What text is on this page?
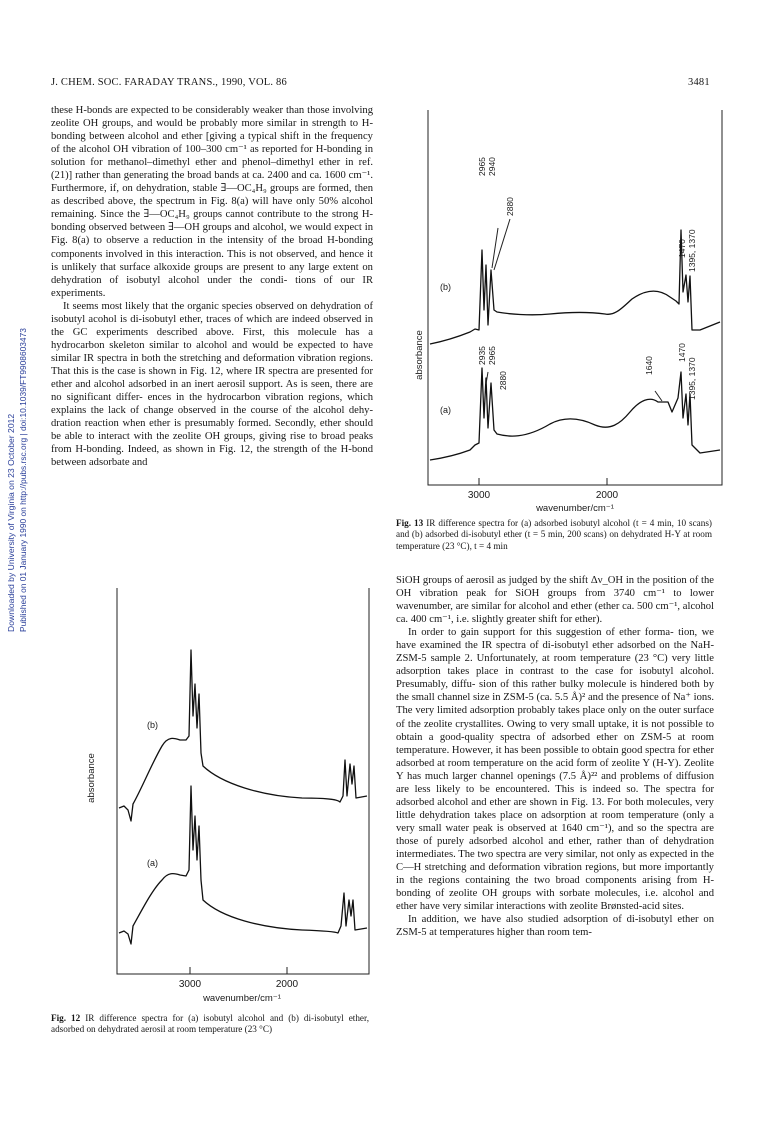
J. CHEM. SOC. FARADAY TRANS., 1990, VOL. 86	3481
Downloaded by University of Virginia on 23 October 2012 Published on 01 January 1990 on http://pubs.rsc.org | doi:10.1039/FT9908603473

these H-bonds are expected to be considerably weaker than those involving zeolite OH groups, and would be probably more similar in strength to H-bonding between alcohol and ether [giving a typical shift in the frequency of the alcohol OH vibration of 100–300 cm⁻¹ as reported for H-bonding in solution for methanol–dimethyl ether and phenol–dimethyl ether in ref. (21)] rather than generating the broad bands at ca. 2400 and ca. 1600 cm⁻¹. Furthermore, if, on dehydration, stable ∃—OC₄H₉ groups are formed, then as described above, the spectrum in Fig. 8(a) will have only 50% alcohol remaining. Since the ∃—OC₄H₉ groups cannot contribute to the strong H-bonding observed between ∃—OH groups and alcohol, we would expect in Fig. 8(a) to observe a reduction in the intensity of the broad H-bonding components involved in this interaction. This is not observed, and hence it is unlikely that surface alkoxide groups are present to any large extent on dehydration of isobutyl alcohol under the condi- tions of our IR experiments.

It seems most likely that the organic species observed on dehydration of isobutyl acohol is di-isobutyl ether, traces of which are indeed observed in the GC experiments described above. First, this molecule has a hydrocarbon skeleton similar to alcohol and would be expected to have similar IR spectra in both the stretching and deformation vibration regions. That this is the case is shown in Fig. 12, where IR spectra are presented for ether and alcohol adsorbed in an inert aerosil support. As is seen, there are no significant differ- ences in the hydrocarbon vibration regions, which explains the lack of change observed in the course of the alcohol dehy- dration reaction when ether is presumably formed. Secondly, ether should be able to interact with the zeolite OH groups, giving rise to broad peaks from H-bonding. Indeed, as shown in Fig. 12, the strength of the H-bond between adsorbate and

3000	2000
wavenumber/cm⁻¹
absorbance
(b)
2965 2940
2880
1470 1395, 1370
(a)
2965
2935
2880
1640
1470
1395, 1370
Fig. 13 IR difference spectra for (a) adsorbed isobutyl alcohol (t = 4 min, 10 scans) and (b) adsorbed di-isobutyl ether (t = 5 min, 200 scans) on dehydrated H-Y at room temperature (23 °C), t = 4 min

SiOH groups of aerosil as judged by the shift Δν_OH in the position of the OH vibration peak for SiOH groups from 3740 cm⁻¹ to lower wavenumber, are similar for alcohol and ether (ether ca. 500 cm⁻¹, alcohol ca. 400 cm⁻¹, i.e. slightly greater shift for ether).

In order to gain support for this suggestion of ether forma- tion, we have examined the IR spectra of di-isobutyl ether adsorbed on the NaH-ZSM-5 sample 2. Unfortunately, at room temperature (23 °C) very little adsorption takes place in contrast to the case for isobutyl alcohol. Presumably, diffu- sion of this rather bulky molecule is hindered both by the small channel size in ZSM-5 (ca. 5.5 Å)² and the presence of Na⁺ ions. The very limited adsorption probably takes place only on the outer surface of the zeolite crystallites. Owing to very small uptake, it is not possible to obtain a good-quality spectra of adsorbed ether on ZSM-5 at room temperature. However, it has been possible to obtain good spectra for ether adsorbed at room temperature on the acid form of zeolite Y (H-Y). Zeolite Y has much larger channel openings (7.5 Å)²² and problems of diffusion are less likely to be encountered. This is indeed so. The spectra for adsorbed alcohol and ether are shown in Fig. 13. For both molecules, very little dehydration takes place on adsorption at room temperature (only a very small water peak is observed at 1640 cm⁻¹), and so the spectra are those of purely adsorbed alcohol and ether, rather than of dehydration intermediates. The two spectra are very similar, not only as expected in the C—H stretching and deformation vibration regions, but more importantly in the regions containing the two broad components arising from H-bonding of zeolite OH groups with sorbate molecules, i.e. alcohol and ether have very similar interactions with zeolite Brønsted-acid sites.

In addition, we have also studied adsorption of di-isobutyl ether on ZSM-5 at temperatures higher than room tem-

3000	2000
wavenumber/cm⁻¹
absorbance
(b)
(a)
Fig. 12 IR difference spectra for (a) isobutyl alcohol and (b) di-isobutyl ether, adsorbed on dehydrated aerosil at room temperature (23 °C)
